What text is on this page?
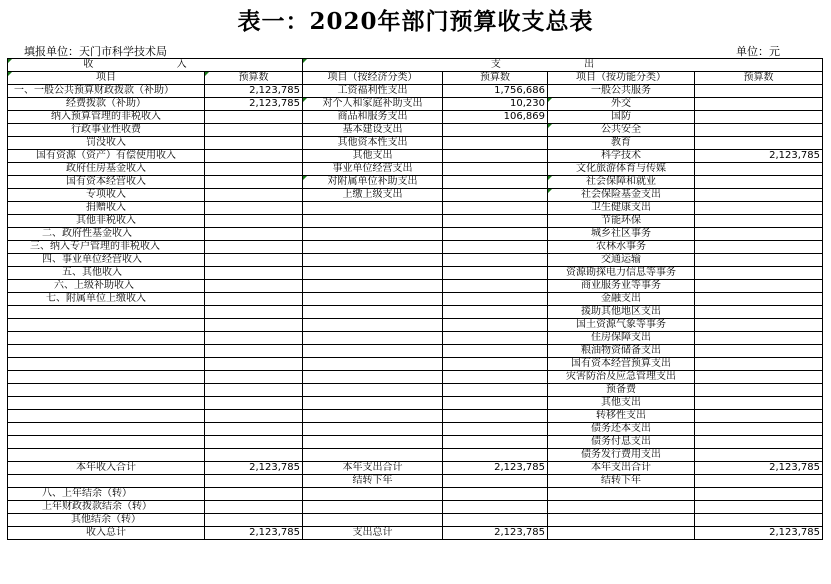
表一：2020年部门预算收支总表
填报单位：天门市科学技术局	单位：元
收 入		支 出			
项目	预算数	项目（按经济分类）	预算数	项目（按功能分类）	预算数
一、一般公共预算财政拨款（补助）	2,123,785	工资福利性支出	1,756,686	一般公共服务	
经费拨款（补助）	2,123,785	对个人和家庭补助支出	10,230	外交	
纳入预算管理的非税收入		商品和服务支出	106,869	国防	
行政事业性收费		基本建设支出		公共安全	
罚没收入		其他资本性支出		教育	
国有资源（资产）有偿使用收入		其他支出		科学技术	2,123,785
政府住房基金收入		事业单位经营支出		文化旅游体育与传媒	
国有资本经营收入		对附属单位补助支出		社会保障和就业	
专项收入		上缴上级支出		社会保险基金支出	
捐赠收入				卫生健康支出	
其他非税收入				节能环保	
二、政府性基金收入				城乡社区事务	
三、纳入专户管理的非税收入				农林水事务	
四、事业单位经营收入				交通运输	
五、其他收入				资源勘探电力信息等事务	
六、上级补助收入				商业服务业等事务	
七、附属单位上缴收入				金融支出	
				援助其他地区支出	
				国土资源气象等事务	
				住房保障支出	
				粮油物资储备支出	
				国有资本经营预算支出	
				灾害防治及应急管理支出	
				预备费	
				其他支出	
				转移性支出	
				债务还本支出	
				债务付息支出	
				债务发行费用支出	
本年收入合计	2,123,785	本年支出合计	2,123,785	本年支出合计	2,123,785
		结转下年		结转下年	
八、上年结余（转）					
上年财政拨款结余（转）					
其他结余（转）					
收入总计	2,123,785	支出总计	2,123,785		2,123,785
